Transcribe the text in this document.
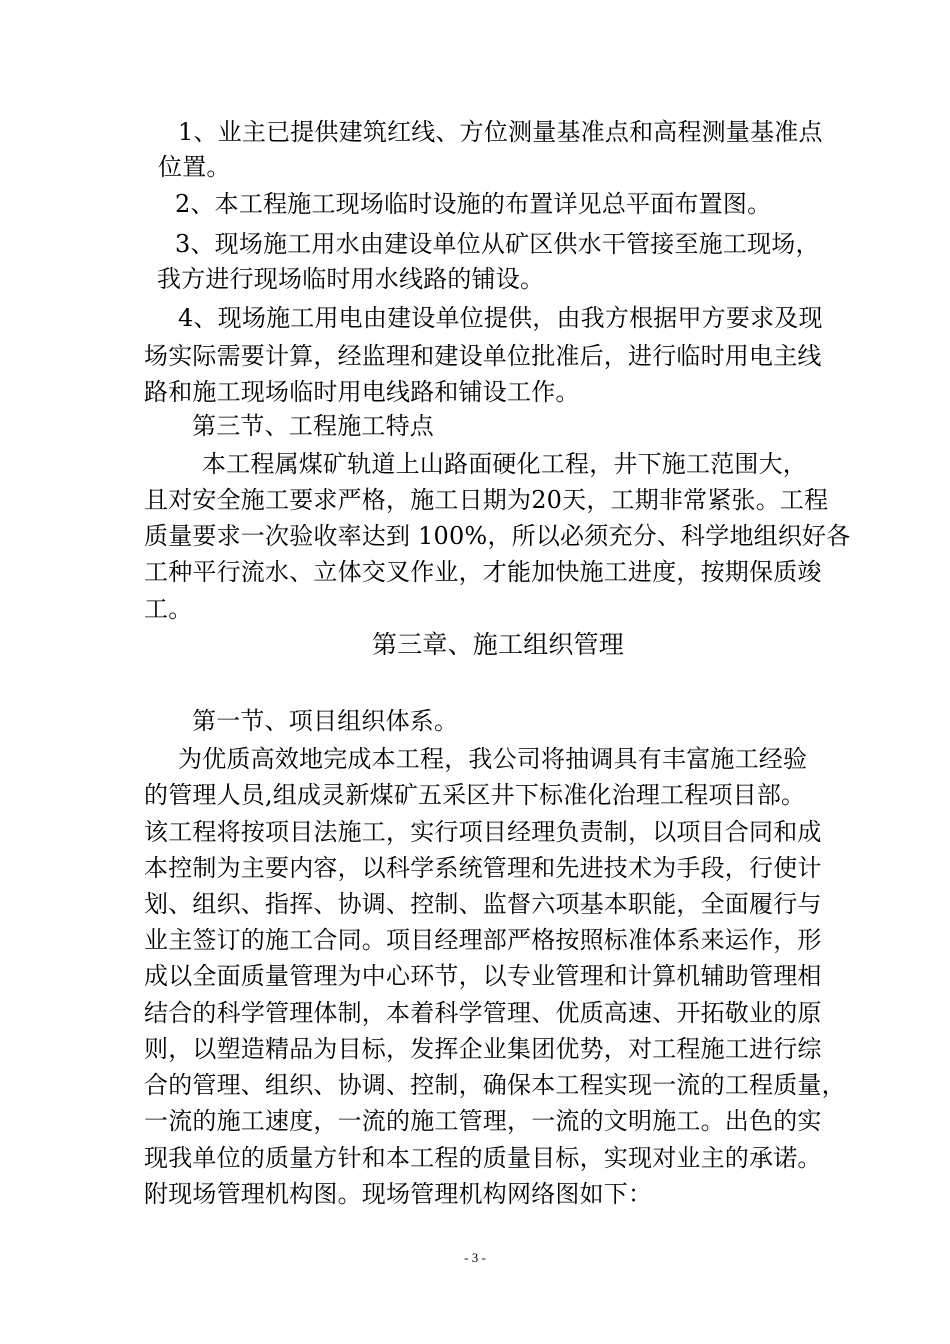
1、业主已提供建筑红线、方位测量基准点和高程测量基准点
位置。
2、本工程施工现场临时设施的布置详见总平面布置图。
3、现场施工用水由建设单位从矿区供水干管接至施工现场，
我方进行现场临时用水线路的铺设。
4、现场施工用电由建设单位提供，由我方根据甲方要求及现
场实际需要计算，经监理和建设单位批准后，进行临时用电主线
路和施工现场临时用电线路和铺设工作。
第三节、工程施工特点
本工程属煤矿轨道上山路面硬化工程，井下施工范围大，
且对安全施工要求严格，施工日期为20天，工期非常紧张。工程
质量要求一次验收率达到 100%，所以必须充分、科学地组织好各
工种平行流水、立体交叉作业，才能加快施工进度，按期保质竣
工。
第三章、施工组织管理
第一节、项目组织体系。
为优质高效地完成本工程，我公司将抽调具有丰富施工经验
的管理人员,组成灵新煤矿五采区井下标准化治理工程项目部。
该工程将按项目法施工，实行项目经理负责制，以项目合同和成
本控制为主要内容，以科学系统管理和先进技术为手段，行使计
划、组织、指挥、协调、控制、监督六项基本职能，全面履行与
业主签订的施工合同。项目经理部严格按照标准体系来运作，形
成以全面质量管理为中心环节，以专业管理和计算机辅助管理相
结合的科学管理体制，本着科学管理、优质高速、开拓敬业的原
则，以塑造精品为目标，发挥企业集团优势，对工程施工进行综
合的管理、组织、协调、控制，确保本工程实现一流的工程质量，
一流的施工速度，一流的施工管理，一流的文明施工。出色的实
现我单位的质量方针和本工程的质量目标，实现对业主的承诺。
附现场管理机构图。现场管理机构网络图如下：
- 3 -
